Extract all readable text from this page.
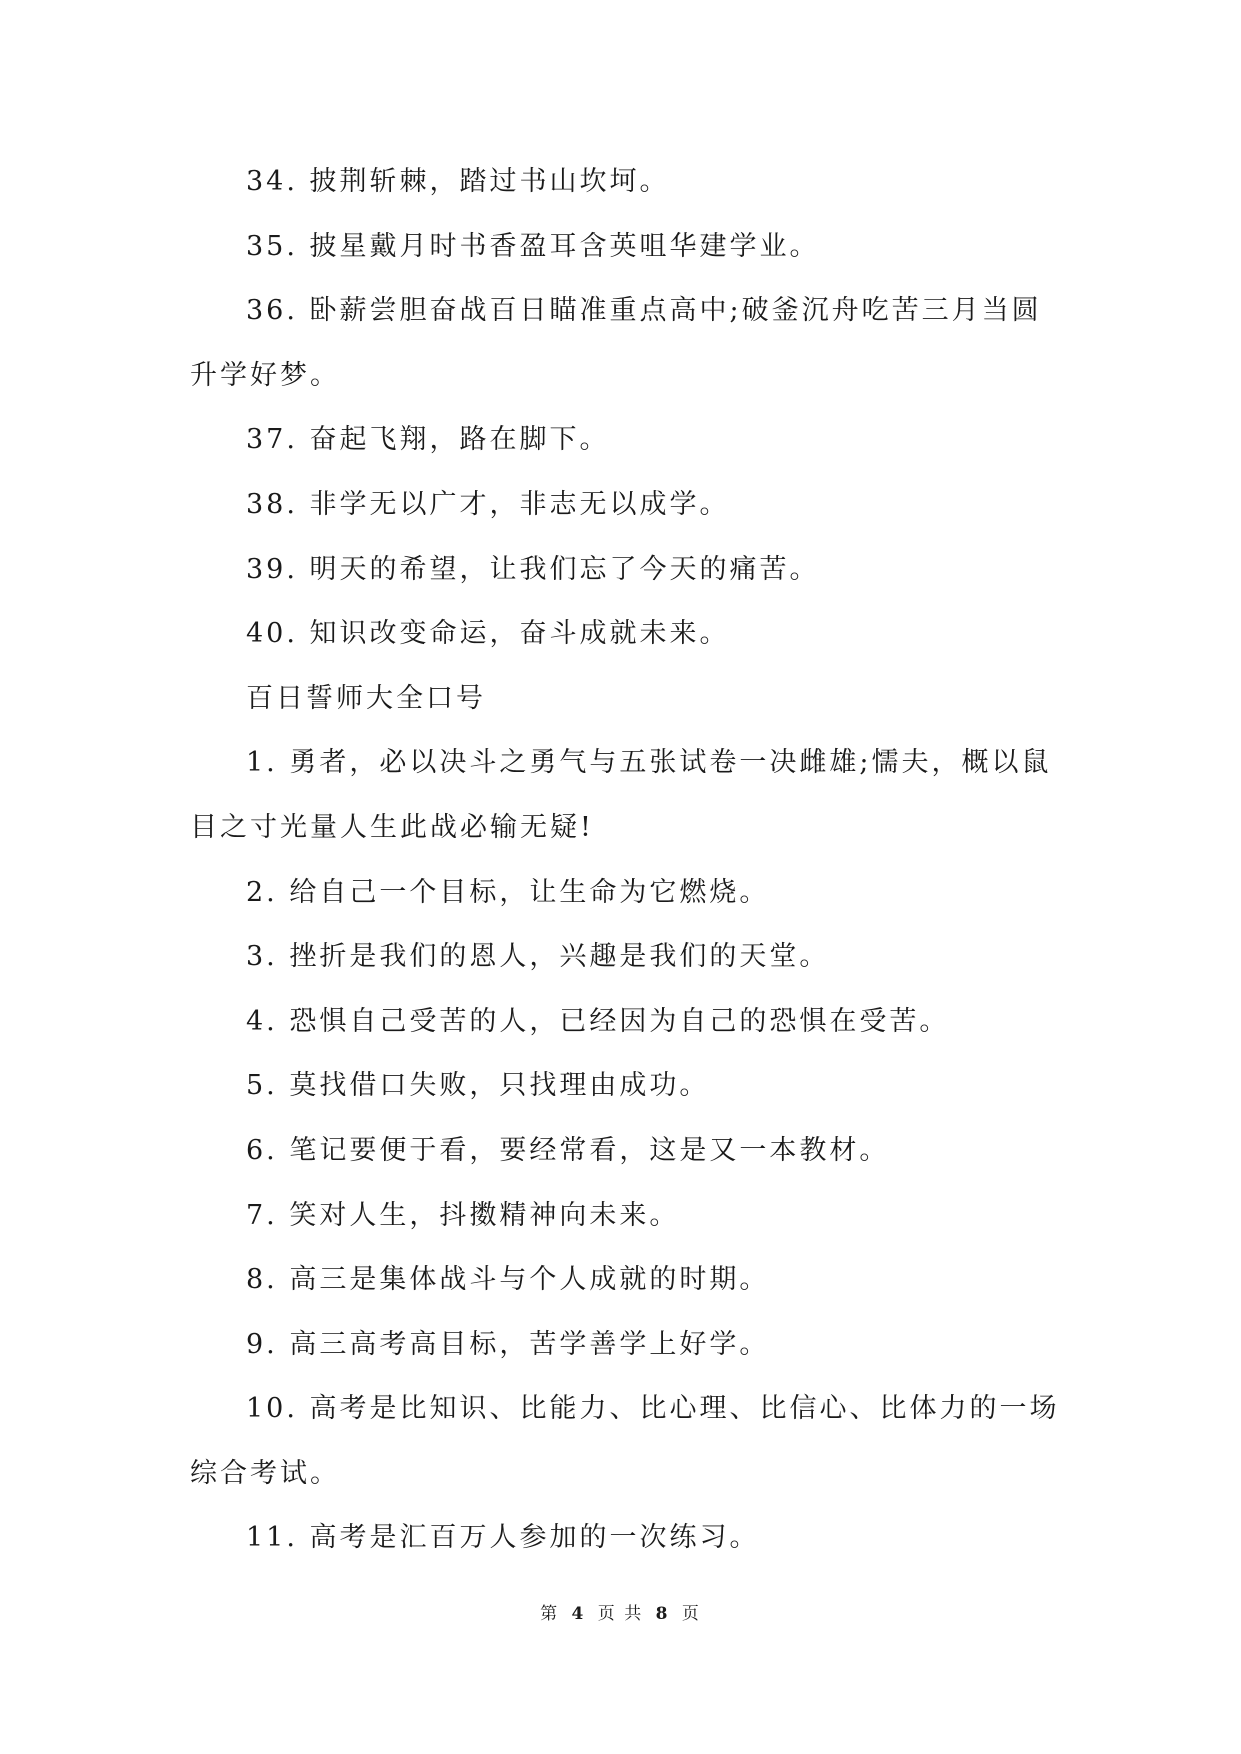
34. 披荆斩棘，踏过书山坎坷。

35. 披星戴月时书香盈耳含英咀华建学业。

36. 卧薪尝胆奋战百日瞄准重点高中;破釜沉舟吃苦三月当圆升学好梦。

37. 奋起飞翔，路在脚下。

38. 非学无以广才，非志无以成学。

39. 明天的希望，让我们忘了今天的痛苦。

40. 知识改变命运，奋斗成就未来。

百日誓师大全口号

1. 勇者，必以决斗之勇气与五张试卷一决雌雄;懦夫，概以鼠目之寸光量人生此战必输无疑!

2. 给自己一个目标，让生命为它燃烧。

3. 挫折是我们的恩人，兴趣是我们的天堂。

4. 恐惧自己受苦的人，已经因为自己的恐惧在受苦。

5. 莫找借口失败，只找理由成功。

6. 笔记要便于看，要经常看，这是又一本教材。

7. 笑对人生，抖擞精神向未来。

8. 高三是集体战斗与个人成就的时期。

9. 高三高考高目标，苦学善学上好学。

10. 高考是比知识、比能力、比心理、比信心、比体力的一场综合考试。

11. 高考是汇百万人参加的一次练习。

第 4 页 共 8 页
